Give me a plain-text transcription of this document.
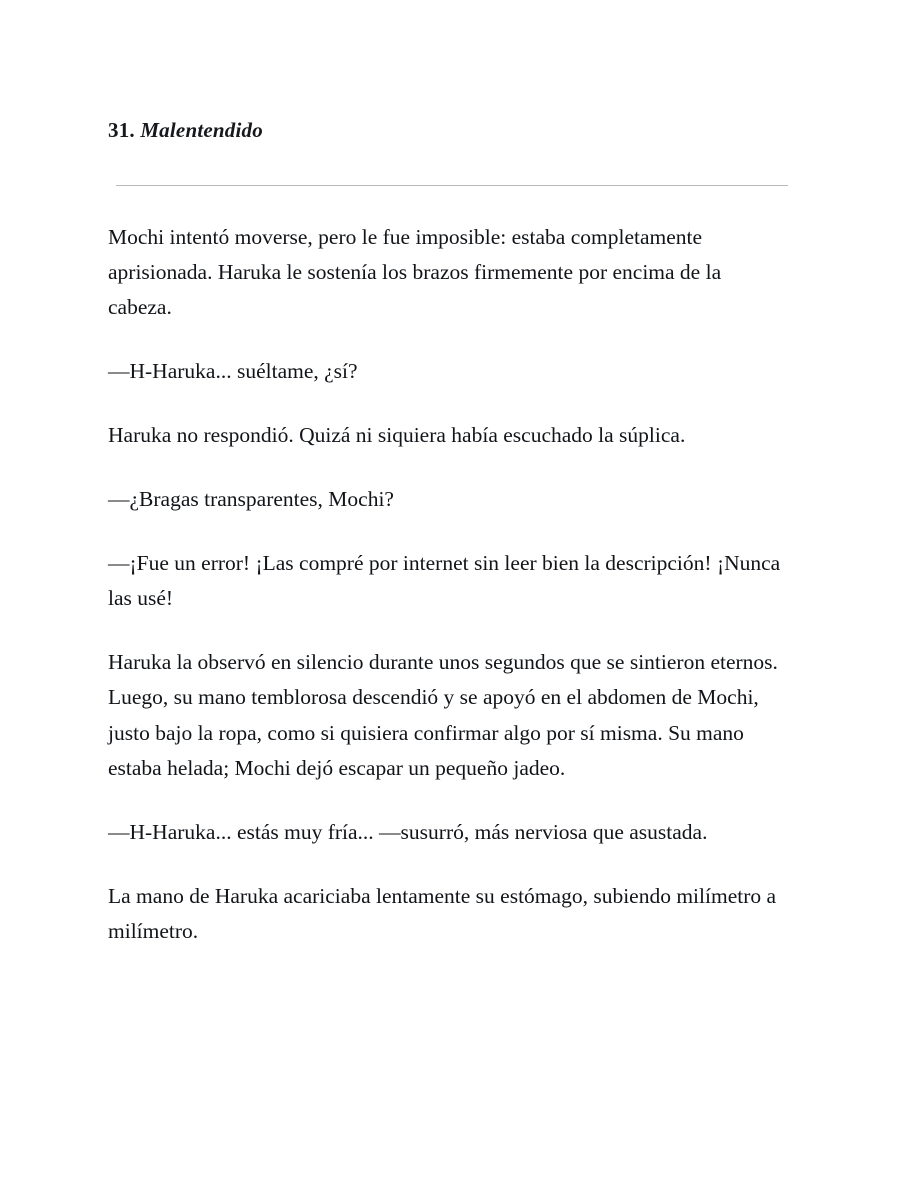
31. Malentendido

Mochi intentó moverse, pero le fue imposible: estaba completamente aprisionada. Haruka le sostenía los brazos firmemente por encima de la cabeza.

—H-Haruka... suéltame, ¿sí?

Haruka no respondió. Quizá ni siquiera había escuchado la súplica.

—¿Bragas transparentes, Mochi?

—¡Fue un error! ¡Las compré por internet sin leer bien la descripción! ¡Nunca las usé!

Haruka la observó en silencio durante unos segundos que se sintieron eternos. Luego, su mano temblorosa descendió y se apoyó en el abdomen de Mochi, justo bajo la ropa, como si quisiera confirmar algo por sí misma. Su mano estaba helada; Mochi dejó escapar un pequeño jadeo.

—H-Haruka... estás muy fría... —susurró, más nerviosa que asustada.

La mano de Haruka acariciaba lentamente su estómago, subiendo milímetro a milímetro.
